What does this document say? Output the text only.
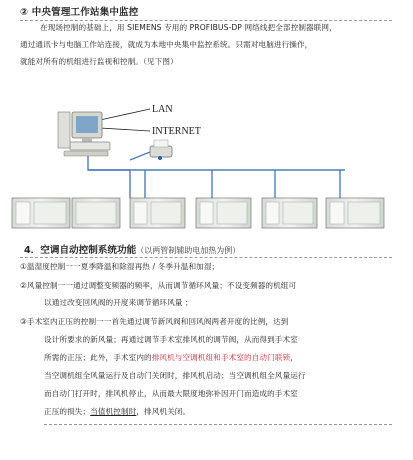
② 中央管理工作站集中监控
在现场控制的基础上，用 SIEMENS 专用的 PROFIBUS-DP 网络线把全部控制器联网，
通过通讯卡与电脑工作站连接，就成为本地中央集中监控系统。只需对电脑进行操作，
就能对所有的机组进行监视和控制。（见下图）
LAN
INTERNET
4．空调自动控制系统功能（以两管制辅助电加热为例）
①温湿度控制一一夏季降温和除湿再热 / 冬季升温和加湿；
②风量控制一一通过调整变频器的频率，从而调节循环风量；不设变频器的机组可
以通过改变回风阀的开度来调节循环风量 ；
③手术室内正压的控制一一首先通过调节新风阀和回风阀两者开度的比例，达到
设计所要求的新风量；再通过调节手术室排风机的调节阀，从而得到手术室
所需的正压；此外，手术室内的排风机与空调机组和手术室的自动门联锁，
当空调机组全风量运行及自动门关闭时，排风机启动；当空调机组全风量运行
而自动门打开时，排风机停止，从而最大限度地弥补因开门而造成的手术室
正压的损失；当值机控制时，排风机关闭。
